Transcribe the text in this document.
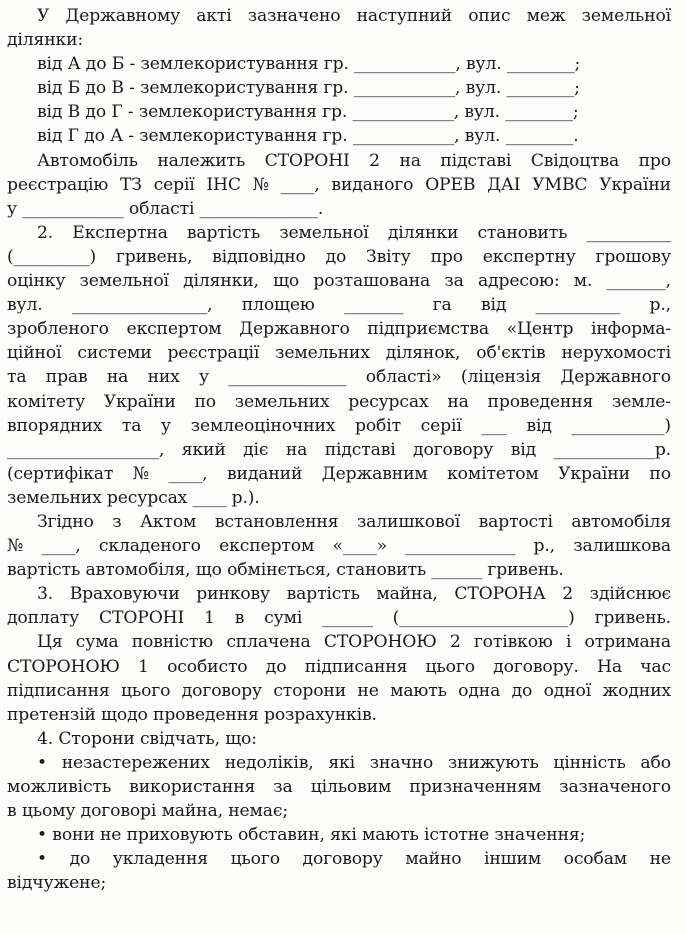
У Державному акті зазначено наступний опис меж земельної
ділянки:
від А до Б - землекористування гр. ____________, вул. ________;
від Б до В - землекористування гр. ____________, вул. ________;
від В до Г - землекористування гр. ____________, вул. ________;
від Г до А - землекористування гр. ____________, вул. ________.
Автомобіль належить СТОРОНІ 2 на підставі Свідоцтва про
реєстрацію ТЗ серії ІНС № ____, виданого ОРЕВ ДАІ УМВС України
у ____________ області ______________.
2. Експертна вартість земельної ділянки становить __________
(_________) гривень, відповідно до Звіту про експертну грошову
оцінку земельної ділянки, що розташована за адресою: м. _______,
вул. ________________, площею _______ га від __________ р.,
зробленого експертом Державного підприємства «Центр інформа-
ційної системи реєстрації земельних ділянок, об'єктів нерухомості
та прав на них у ______________ області» (ліцензія Державного
комітету України по земельних ресурсах на проведення земле-
впорядних та у землеоціночних робіт серії ___ від ___________)
__________________, який діє на підставі договору від ____________р.
(сертифікат № ____, виданий Державним комітетом України по
земельних ресурсах ____ р.).
Згідно з Актом встановлення залишкової вартості автомобіля
№ ____, складеного експертом «____» _____________ р., залишкова
вартість автомобіля, що обмінється, становить ______ гривень.
3. Враховуючи ринкову вартість майна, СТОРОНА 2 здійснює
доплату СТОРОНІ 1 в сумі ______ (____________________) гривень.
Ця сума повністю сплачена СТОРОНОЮ 2 готівкою і отримана
СТОРОНОЮ 1 особисто до підписання цього договору. На час
підписання цього договору сторони не мають одна до одної жодних
претензій щодо проведення розрахунків.
4. Сторони свідчать, що:
• незастережених недоліків, які значно знижують цінність або
можливість використання за цільовим призначенням зазначеного
в цьому договорі майна, немає;
• вони не приховують обставин, які мають істотне значення;
• до укладення цього договору майно іншим особам не
відчужене;
